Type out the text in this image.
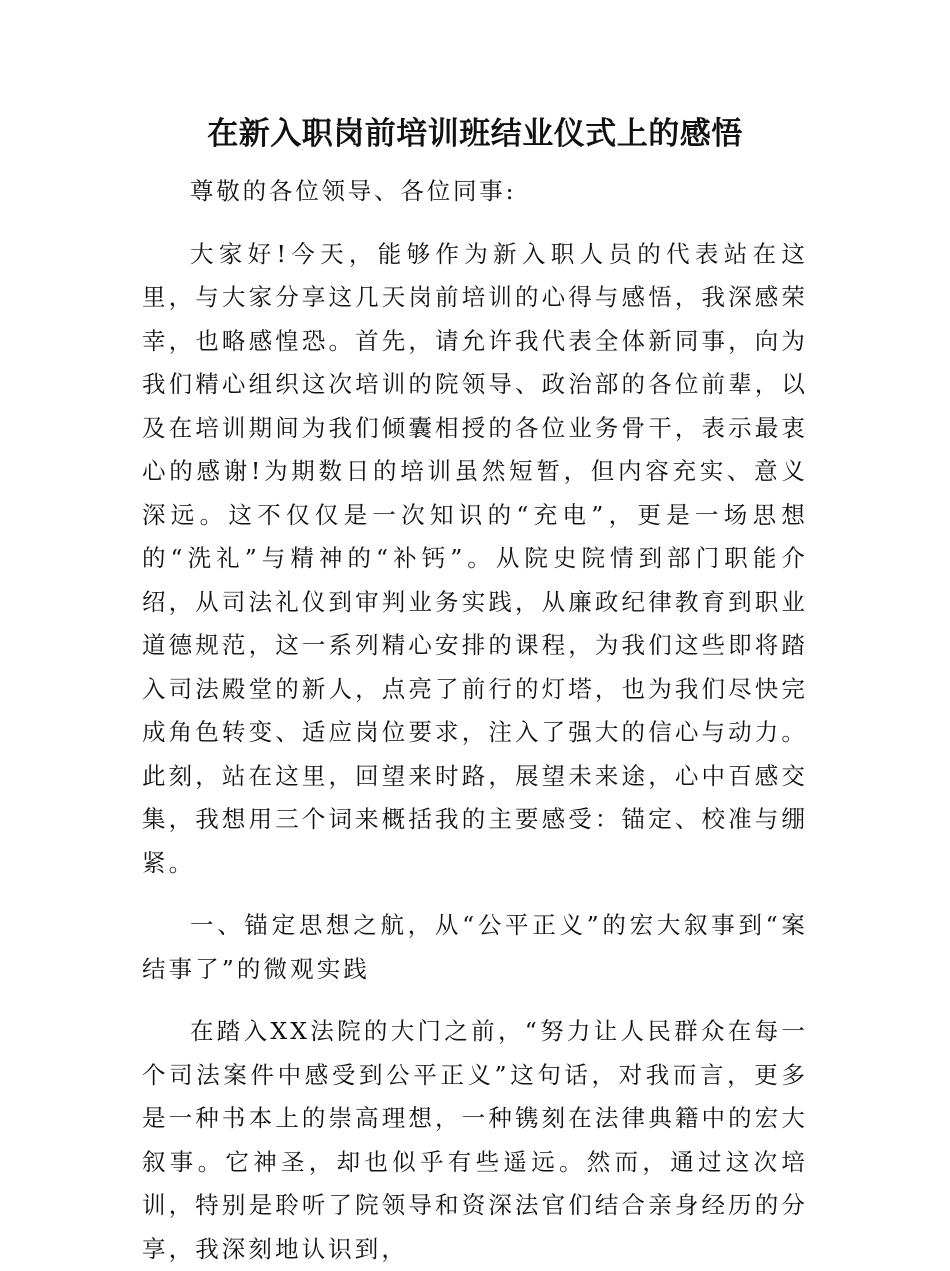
在新入职岗前培训班结业仪式上的感悟

尊敬的各位领导、各位同事:

大家好!今天，能够作为新入职人员的代表站在这里，与大家分享这几天岗前培训的心得与感悟，我深感荣幸，也略感惶恐。首先，请允许我代表全体新同事，向为我们精心组织这次培训的院领导、政治部的各位前辈，以及在培训期间为我们倾囊相授的各位业务骨干，表示最衷心的感谢!为期数日的培训虽然短暂，但内容充实、意义深远。这不仅仅是一次知识的“充电”，更是一场思想的“洗礼”与精神的“补钙”。从院史院情到部门职能介绍，从司法礼仪到审判业务实践，从廉政纪律教育到职业道德规范，这一系列精心安排的课程，为我们这些即将踏入司法殿堂的新人，点亮了前行的灯塔，也为我们尽快完成角色转变、适应岗位要求，注入了强大的信心与动力。此刻，站在这里，回望来时路，展望未来途，心中百感交集，我想用三个词来概括我的主要感受：锚定、校准与绷紧。

一、锚定思想之航，从“公平正义”的宏大叙事到“案结事了”的微观实践

在踏入XX法院的大门之前，“努力让人民群众在每一个司法案件中感受到公平正义”这句话，对我而言，更多是一种书本上的崇高理想，一种镌刻在法律典籍中的宏大叙事。它神圣，却也似乎有些遥远。然而，通过这次培训，特别是聆听了院领导和资深法官们结合亲身经历的分享，我深刻地认识到，
